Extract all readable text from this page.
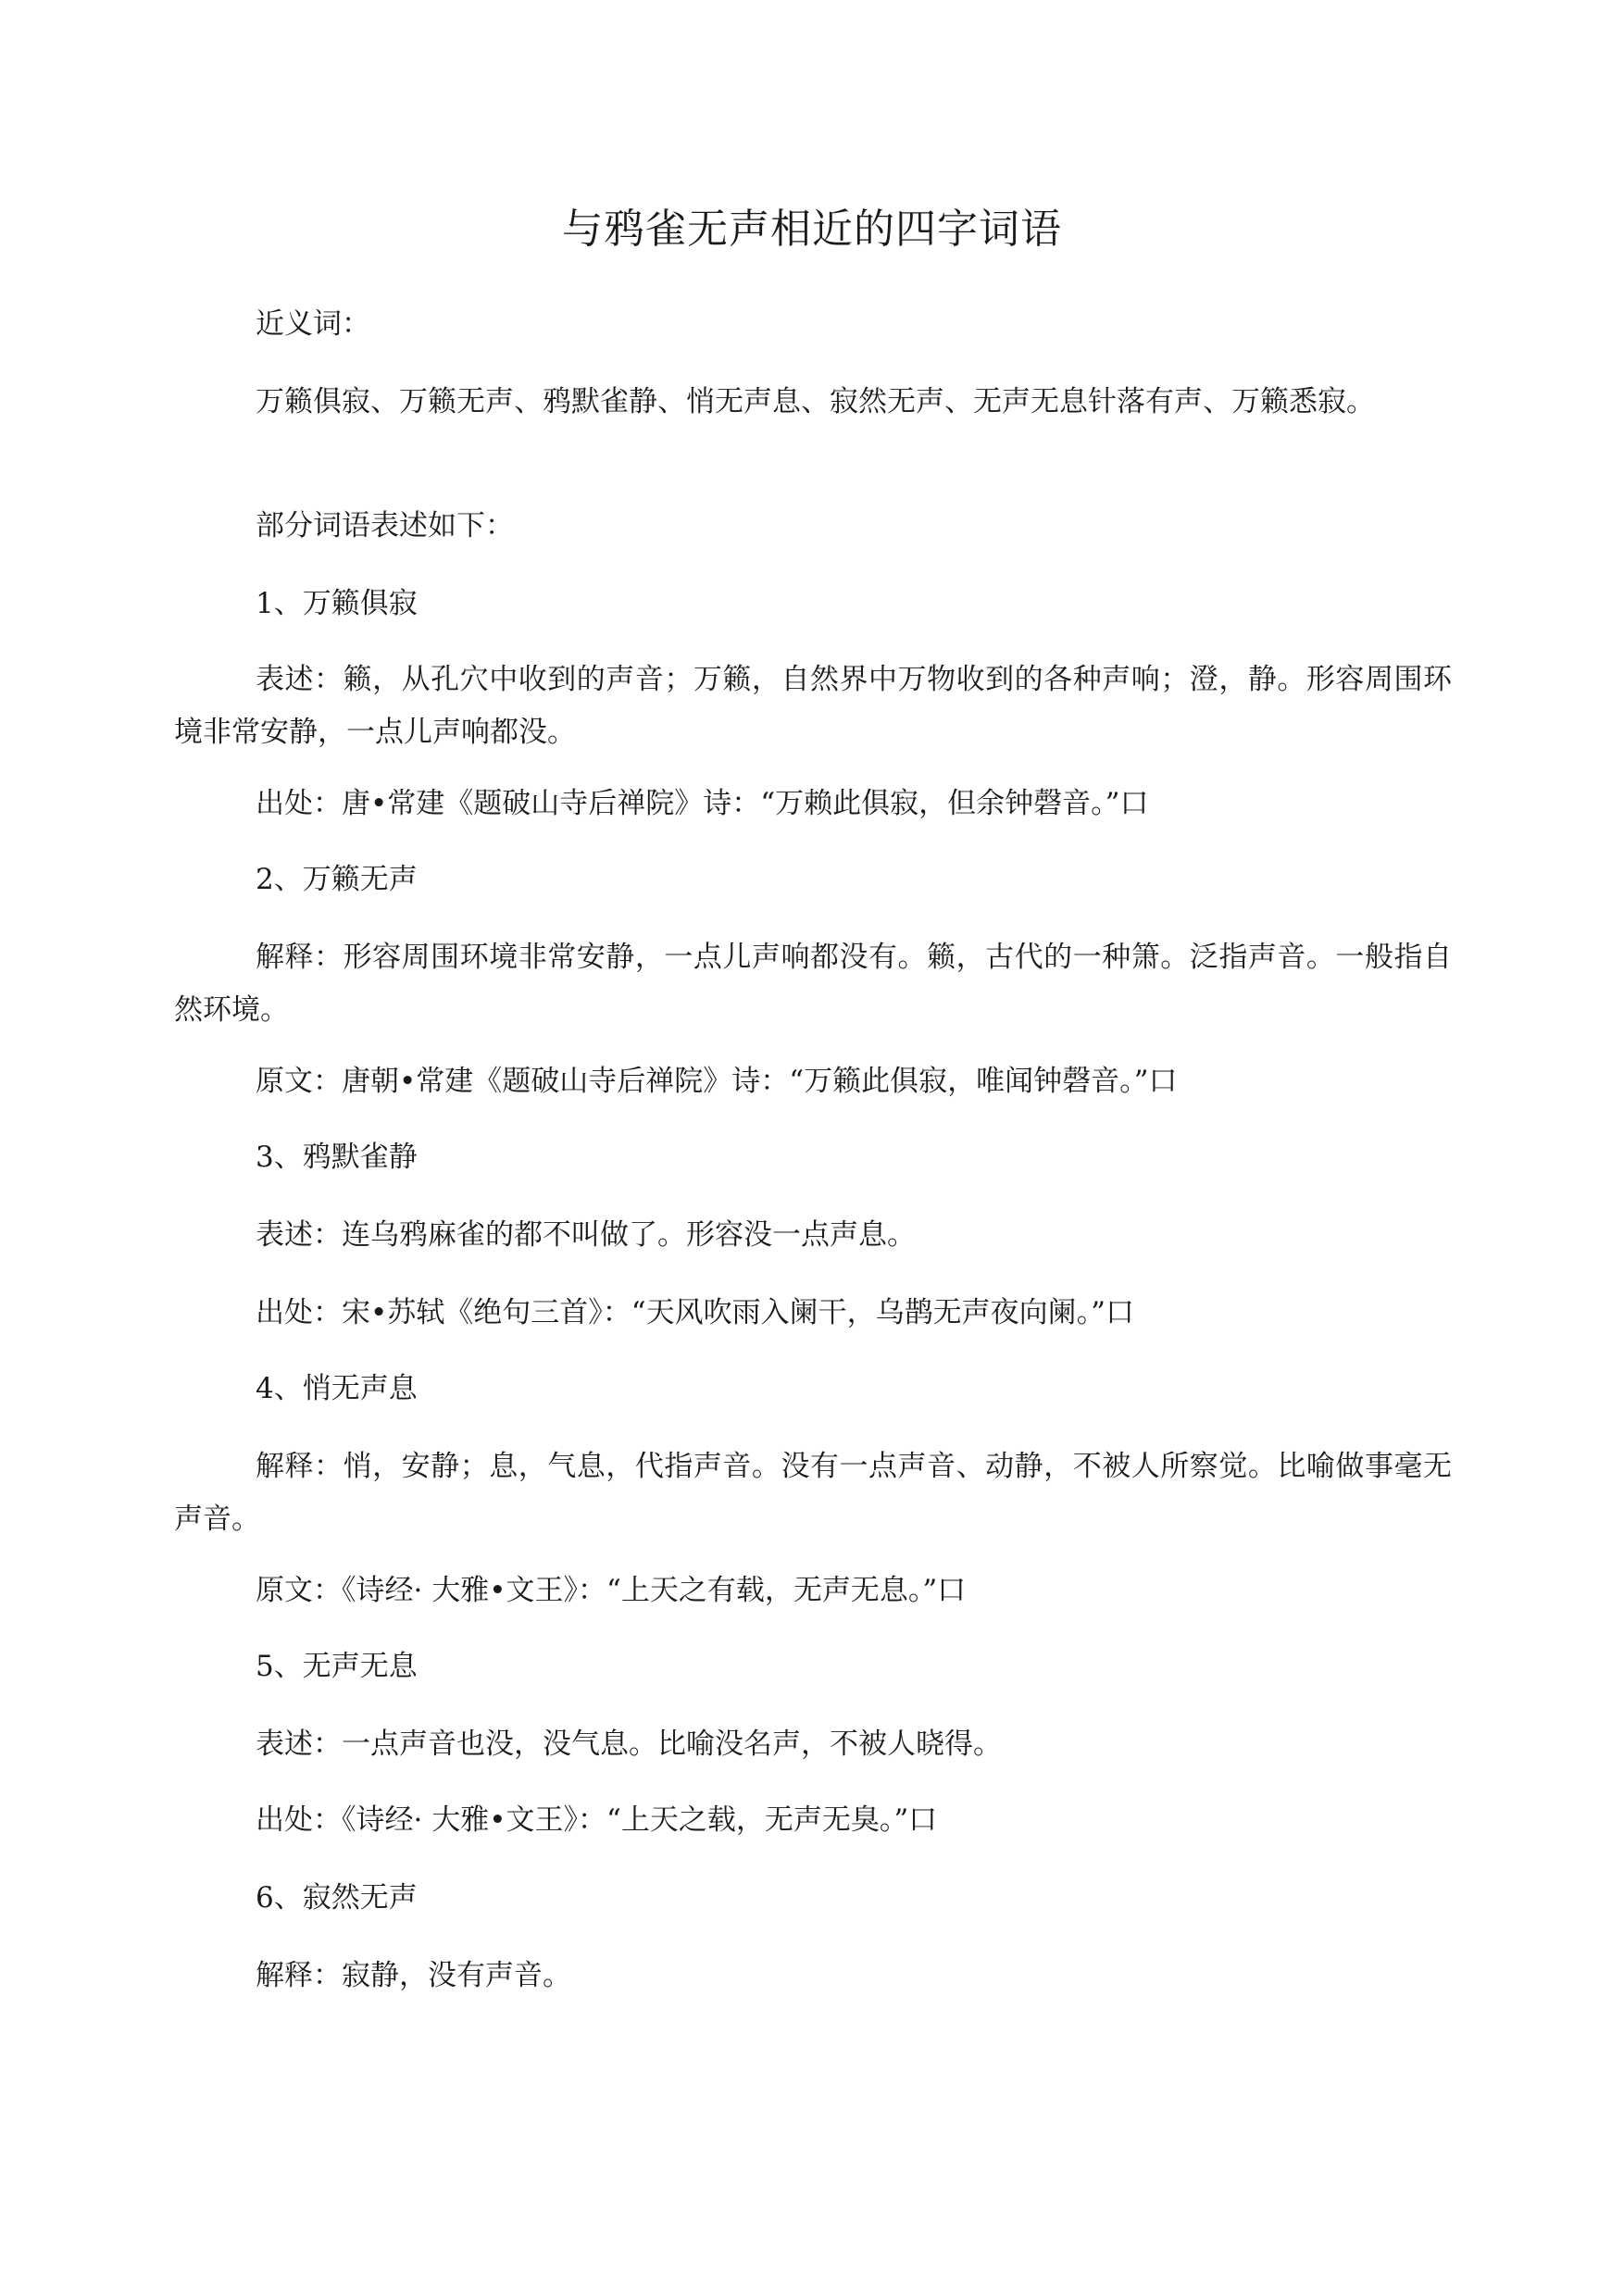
与鸦雀无声相近的四字词语

近义词：

万籁俱寂、万籁无声、鸦默雀静、悄无声息、寂然无声、无声无息针落有声、万籁悉寂。

部分词语表述如下：

1、万籁俱寂

表述：籁，从孔穴中收到的声音；万籁，自然界中万物收到的各种声响；澄，静。形容周围环境非常安静，一点儿声响都没。

出处：唐•常建《题破山寺后禅院》诗：“万赖此俱寂，但余钟磬音。”口

2、万籁无声

解释：形容周围环境非常安静，一点儿声响都没有。籁，古代的一种箫。泛指声音。一般指自然环境。

原文：唐朝•常建《题破山寺后禅院》诗：“万籁此俱寂，唯闻钟磬音。”口

3、鸦默雀静

表述：连乌鸦麻雀的都不叫做了。形容没一点声息。

出处：宋•苏轼《绝句三首》：“天风吹雨入阑干，乌鹊无声夜向阑。”口

4、悄无声息

解释：悄，安静；息，气息，代指声音。没有一点声音、动静，不被人所察觉。比喻做事毫无声音。

原文：《诗经· 大雅•文王》：“上天之有载，无声无息。”口

5、无声无息

表述：一点声音也没，没气息。比喻没名声，不被人晓得。

出处：《诗经· 大雅•文王》：“上天之载，无声无臭。”口

6、寂然无声

解释：寂静，没有声音。
